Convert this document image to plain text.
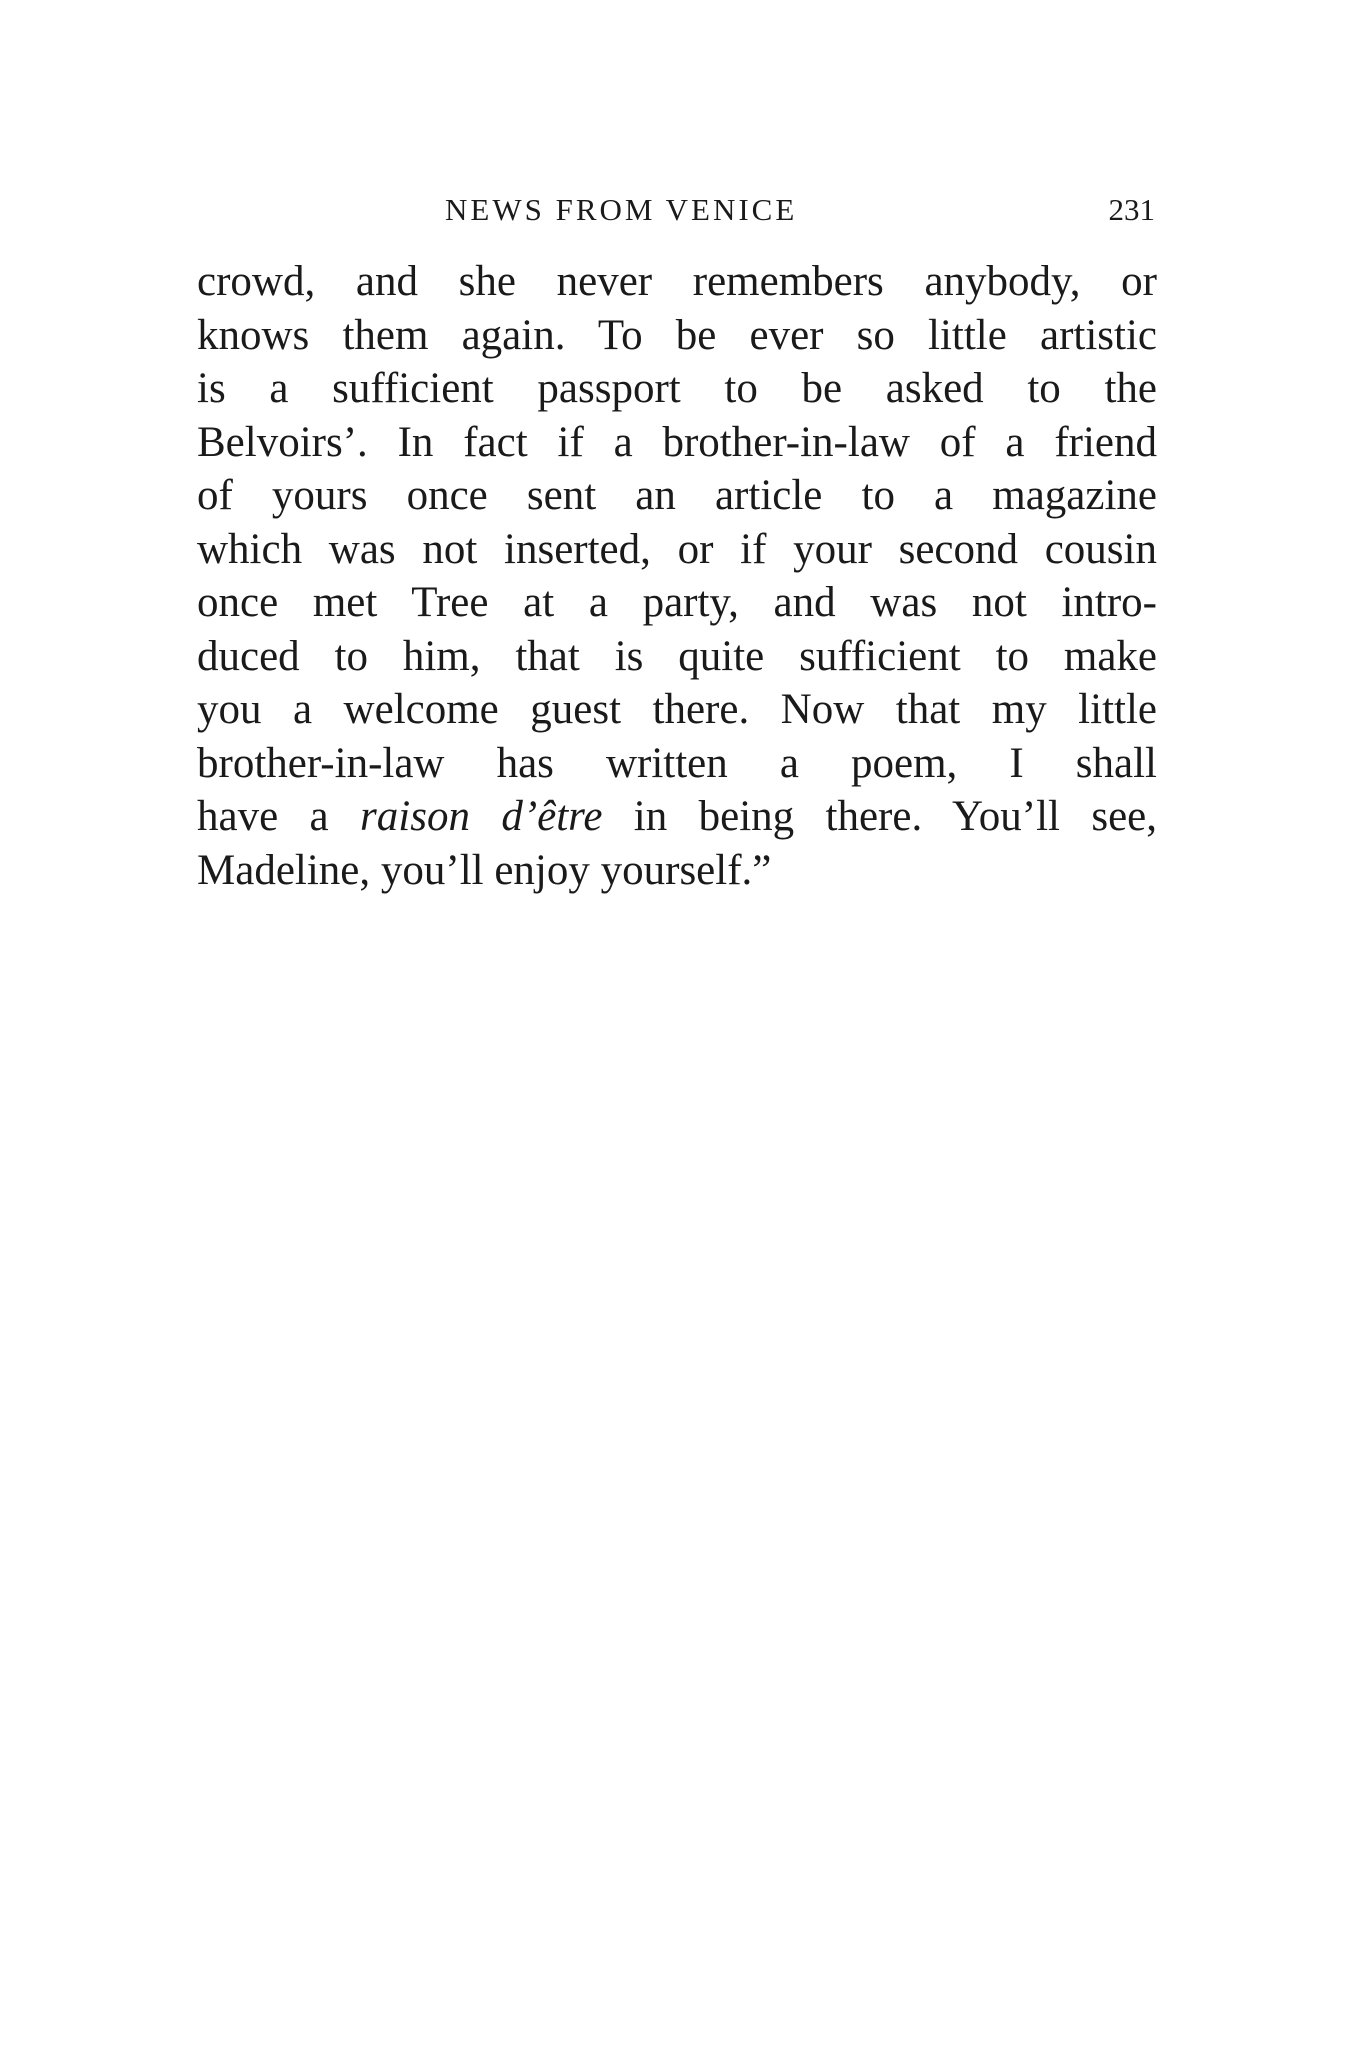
NEWS FROM VENICE	231
crowd, and she never remembers anybody, or
knows them again. To be ever so little artistic
is a sufficient passport to be asked to the
Belvoirs’. In fact if a brother-in-law of a friend
of yours once sent an article to a magazine
which was not inserted, or if your second cousin
once met Tree at a party, and was not intro-
duced to him, that is quite sufficient to make
you a welcome guest there. Now that my little
brother-in-law has written a poem, I shall
have a raison d’être in being there. You’ll see,
Madeline, you’ll enjoy yourself.”
